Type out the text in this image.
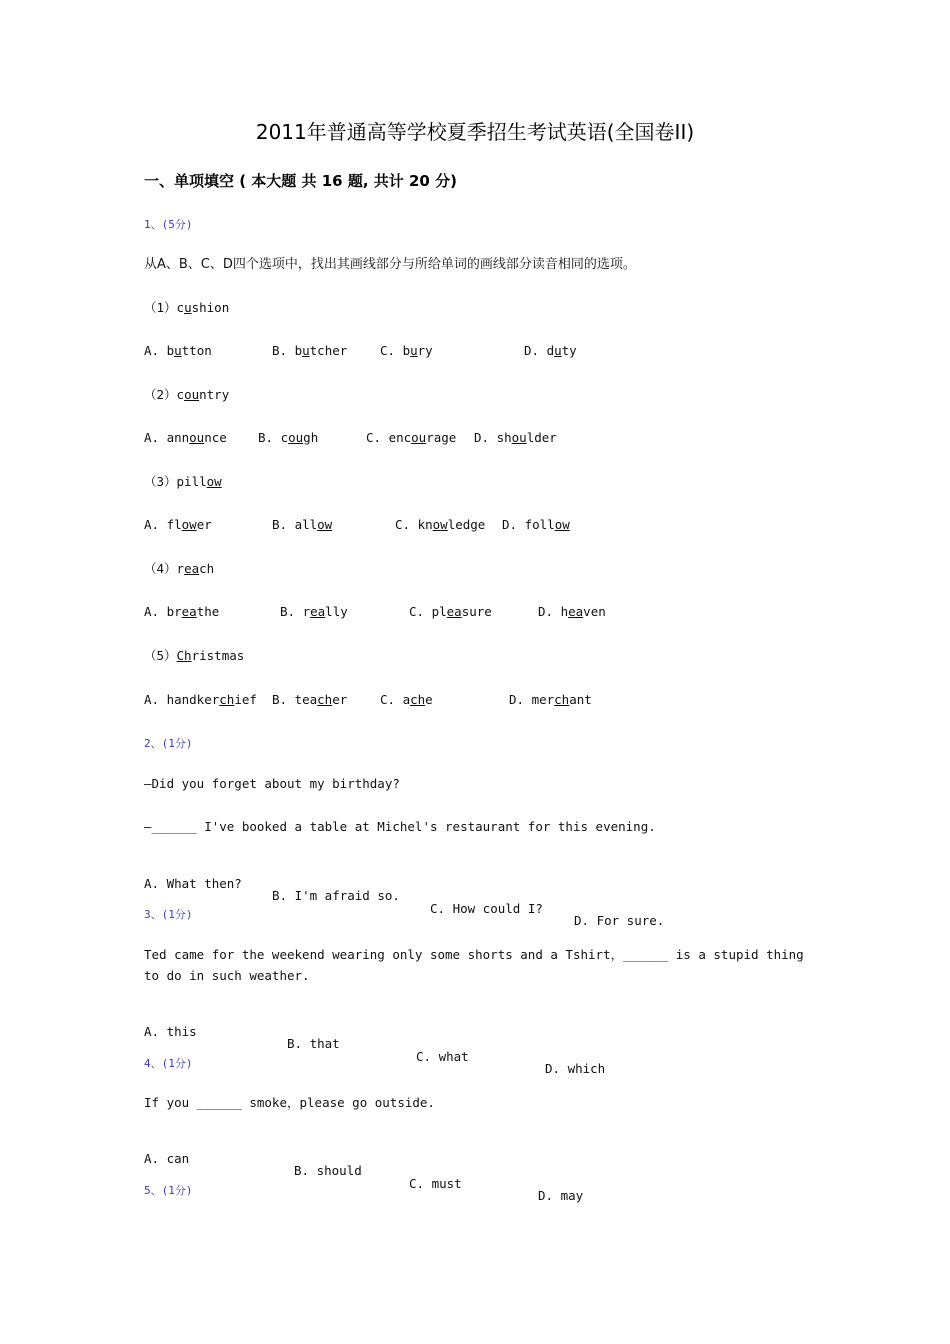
2011年普通高等学校夏季招生考试英语(全国卷II)
一、单项填空 ( 本大题 共 16 题, 共计 20 分)
1、(5分)
从A、B、C、D四个选项中，找出其画线部分与所给单词的画线部分读音相同的选项。
（1）cushion
A. button	B. butcher	C. bury	D. duty
（2）country
A. announce B. cough	C. encourage D. shoulder
（3）pillow
A. flower	B. allow	C. knowledge D. follow
（4）reach
A. breathe	B. really	C. pleasure	D. heaven
（5）Christmas
A. handkerchief B. teacher	C. ache	D. merchant
2、(1分)
—Did you forget about my birthday?
—______ I've booked a table at Michel's restaurant for this evening.

A. What then?

B. I'm afraid so.

C. How could I?

D. For sure.

3、(1分)
Ted came for the weekend wearing only some shorts and a Tshirt，______ is a stupid thing to do in such weather.

A. this

B. that

C. what

D. which

4、(1分)
If you ______ smoke，please go outside.

A. can

B. should

C. must

D. may

5、(1分)
